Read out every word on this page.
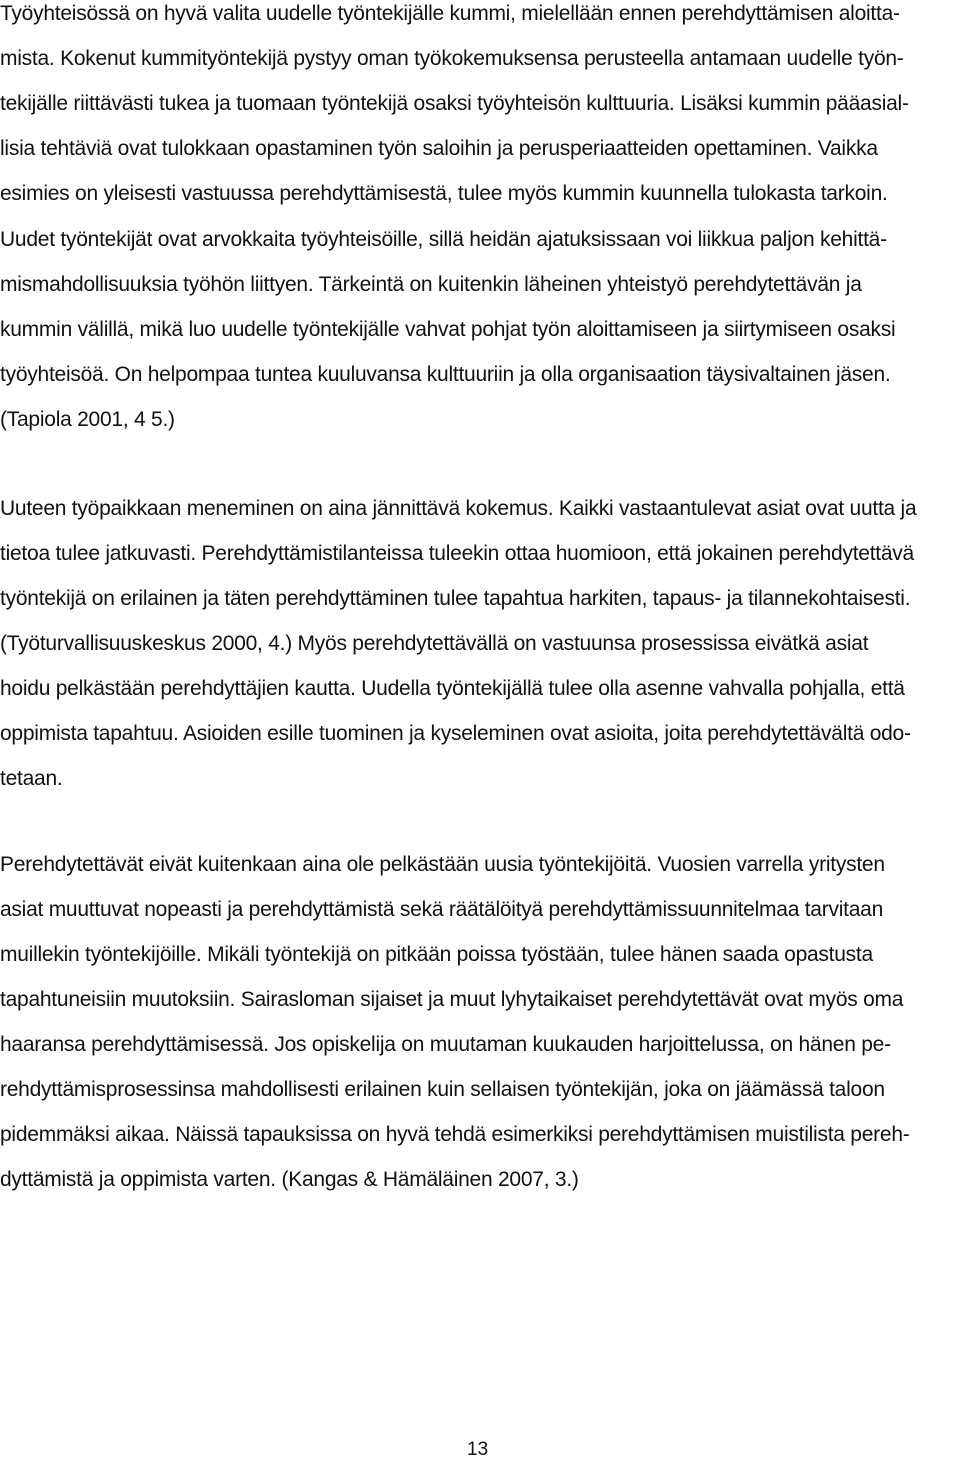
Työyhteisössä on hyvä valita uudelle työntekijälle kummi, mielellään ennen perehdyttämisen aloitta-
mista. Kokenut kummityöntekijä pystyy oman työkokemuksensa perusteella antamaan uudelle työn-
tekijälle riittävästi tukea ja tuomaan työntekijä osaksi työyhteisön kulttuuria. Lisäksi kummin pääasial-
lisia tehtäviä ovat tulokkaan opastaminen työn saloihin ja perusperiaatteiden opettaminen. Vaikka
esimies on yleisesti vastuussa perehdyttämisestä, tulee myös kummin kuunnella tulokasta tarkoin.
Uudet työntekijät ovat arvokkaita työyhteisöille, sillä heidän ajatuksissaan voi liikkua paljon kehittä-
mismahdollisuuksia työhön liittyen. Tärkeintä on kuitenkin läheinen yhteistyö perehdytettävän ja
kummin välillä, mikä luo uudelle työntekijälle vahvat pohjat työn aloittamiseen ja siirtymiseen osaksi
työyhteisöä. On helpompaa tuntea kuuluvansa kulttuuriin ja olla organisaation täysivaltainen jäsen.
(Tapiola 2001, 4 5.)
Uuteen työpaikkaan meneminen on aina jännittävä kokemus. Kaikki vastaantulevat asiat ovat uutta ja
tietoa tulee jatkuvasti. Perehdyttämistilanteissa tuleekin ottaa huomioon, että jokainen perehdytettävä
työntekijä on erilainen ja täten perehdyttäminen tulee tapahtua harkiten, tapaus- ja tilannekohtaisesti.
(Työturvallisuuskeskus 2000, 4.) Myös perehdytettävällä on vastuunsa prosessissa eivätkä asiat
hoidu pelkästään perehdyttäjien kautta. Uudella työntekijällä tulee olla asenne vahvalla pohjalla, että
oppimista tapahtuu. Asioiden esille tuominen ja kyseleminen ovat asioita, joita perehdytettävältä odo-
tetaan.
Perehdytettävät eivät kuitenkaan aina ole pelkästään uusia työntekijöitä. Vuosien varrella yritysten
asiat muuttuvat nopeasti ja perehdyttämistä sekä räätälöityä perehdyttämissuunnitelmaa tarvitaan
muillekin työntekijöille. Mikäli työntekijä on pitkään poissa työstään, tulee hänen saada opastusta
tapahtuneisiin muutoksiin. Sairasloman sijaiset ja muut lyhytaikaiset perehdytettävät ovat myös oma
haaransa perehdyttämisessä. Jos opiskelija on muutaman kuukauden harjoittelussa, on hänen pe-
rehdyttämisprosessinsa mahdollisesti erilainen kuin sellaisen työntekijän, joka on jäämässä taloon
pidemmäksi aikaa. Näissä tapauksissa on hyvä tehdä esimerkiksi perehdyttämisen muistilista pereh-
dyttämistä ja oppimista varten. (Kangas & Hämäläinen 2007, 3.)
13
